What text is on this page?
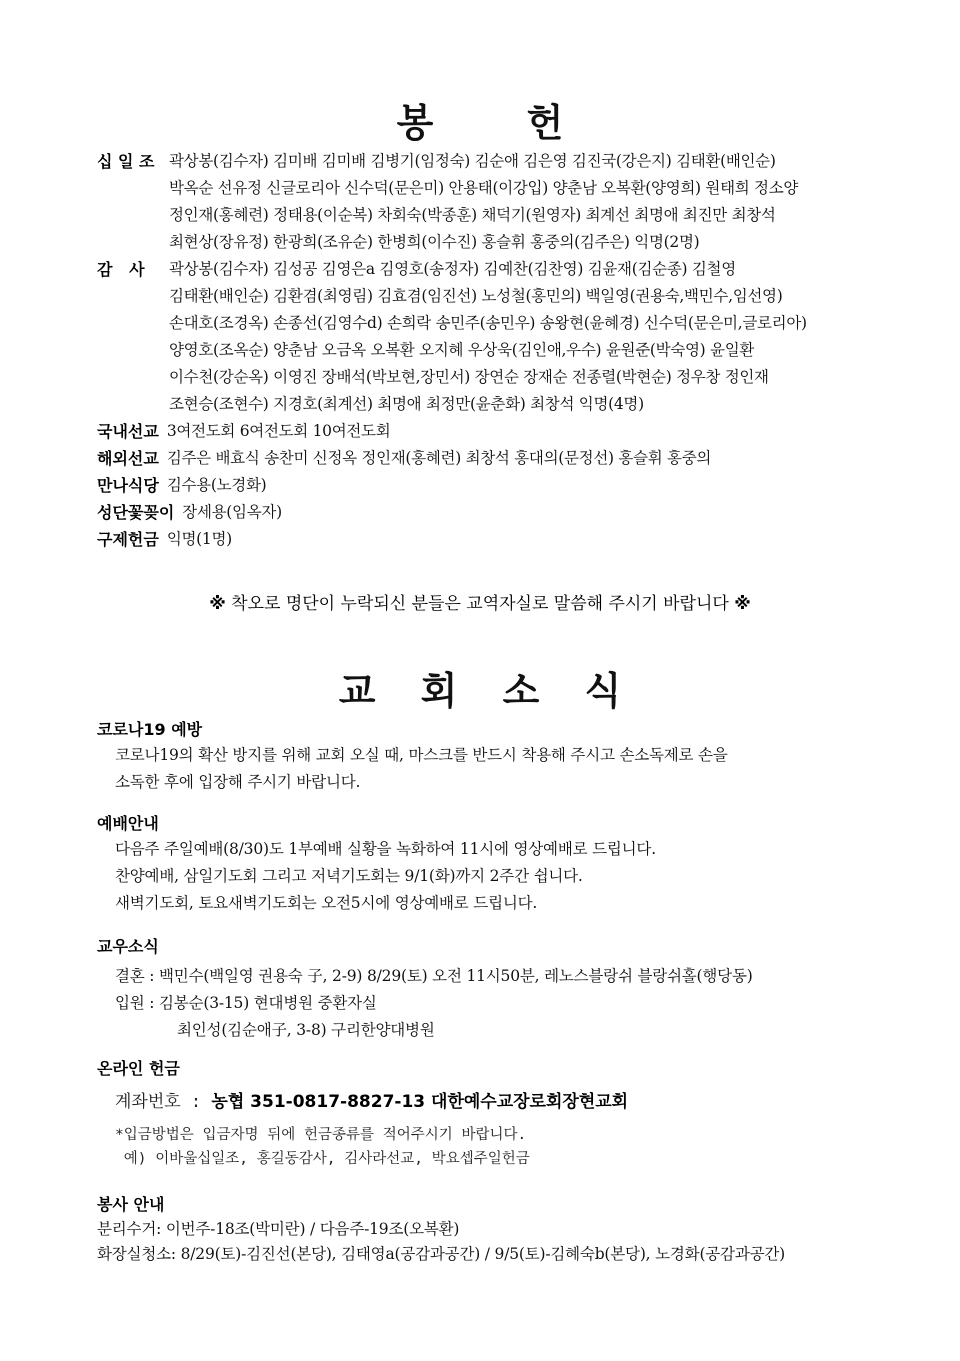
봉 헌
십 일 조 곽상봉(김수자) 김미배 김미배 김병기(임정숙) 김순애 김은영 김진국(강은지) 김태환(배인순)
박옥순 선유정 신글로리아 신수덕(문은미) 안용태(이강입) 양춘남 오복환(양영희) 원태희 정소양
정인재(홍혜련) 정태용(이순복) 차회숙(박종훈) 채덕기(원영자) 최계선 최명애 최진만 최창석
최현상(장유정) 한광희(조유순) 한병희(이수진) 홍슬휘 홍중의(김주은) 익명(2명)
감   사	곽상봉(김수자) 김성공 김영은a 김영호(송정자) 김예찬(김찬영) 김윤재(김순종) 김철영
김태환(배인순) 김환겸(최영림) 김효겸(임진선) 노성철(홍민의) 백일영(권용숙,백민수,임선영)
손대호(조경옥) 손종선(김영수d) 손희락 송민주(송민우) 송왕현(윤혜경) 신수덕(문은미,글로리아)
양영호(조옥순) 양춘남 오금옥 오복환 오지혜 우상욱(김인애,우수) 윤원준(박숙영) 윤일환
이수천(강순옥) 이영진 장배석(박보현,장민서) 장연순 장재순 전종렬(박현순) 정우창 정인재
조현승(조현수) 지경호(최계선) 최명애 최정만(윤춘화) 최창석 익명(4명)
국내선교 3여전도회 6여전도회 10여전도회
해외선교 김주은 배효식 송찬미 신정옥 정인재(홍혜련) 최창석 홍대의(문정선) 홍슬휘 홍중의
만나식당 김수용(노경화)
성단꽃꽂이 장세용(임옥자)
구제헌금 익명(1명)
※ 착오로 명단이 누락되신 분들은 교역자실로 말씀해 주시기 바랍니다 ※
교 회 소 식
코로나19 예방
코로나19의 확산 방지를 위해 교회 오실 때, 마스크를 반드시 착용해 주시고 손소독제로 손을
소독한 후에 입장해 주시기 바랍니다.
예배안내
다음주 주일예배(8/30)도 1부예배 실황을 녹화하여 11시에 영상예배로 드립니다.
찬양예배, 삼일기도회 그리고 저녁기도회는 9/1(화)까지 2주간 쉽니다.
새벽기도회, 토요새벽기도회는 오전5시에 영상예배로 드립니다.
교우소식
결혼 : 백민수(백일영 권용숙 子, 2-9) 8/29(토) 오전 11시50분, 레노스블랑쉬 블랑쉬홀(행당동)
입원 : 김봉순(3-15) 현대병원 중환자실
최인성(김순애子, 3-8) 구리한양대병원
온라인 헌금
계좌번호 : 농협 351-0817-8827-13 대한예수교장로회장현교회
*입금방법은 입금자명 뒤에 헌금종류를 적어주시기 바랍니다.
예) 이바울십일조, 홍길동감사, 김사라선교, 박요셉주일헌금
봉사 안내
분리수거: 이번주-18조(박미란) / 다음주-19조(오복환)
화장실청소: 8/29(토)-김진선(본당), 김태영a(공감과공간) / 9/5(토)-김혜숙b(본당), 노경화(공감과공간)
